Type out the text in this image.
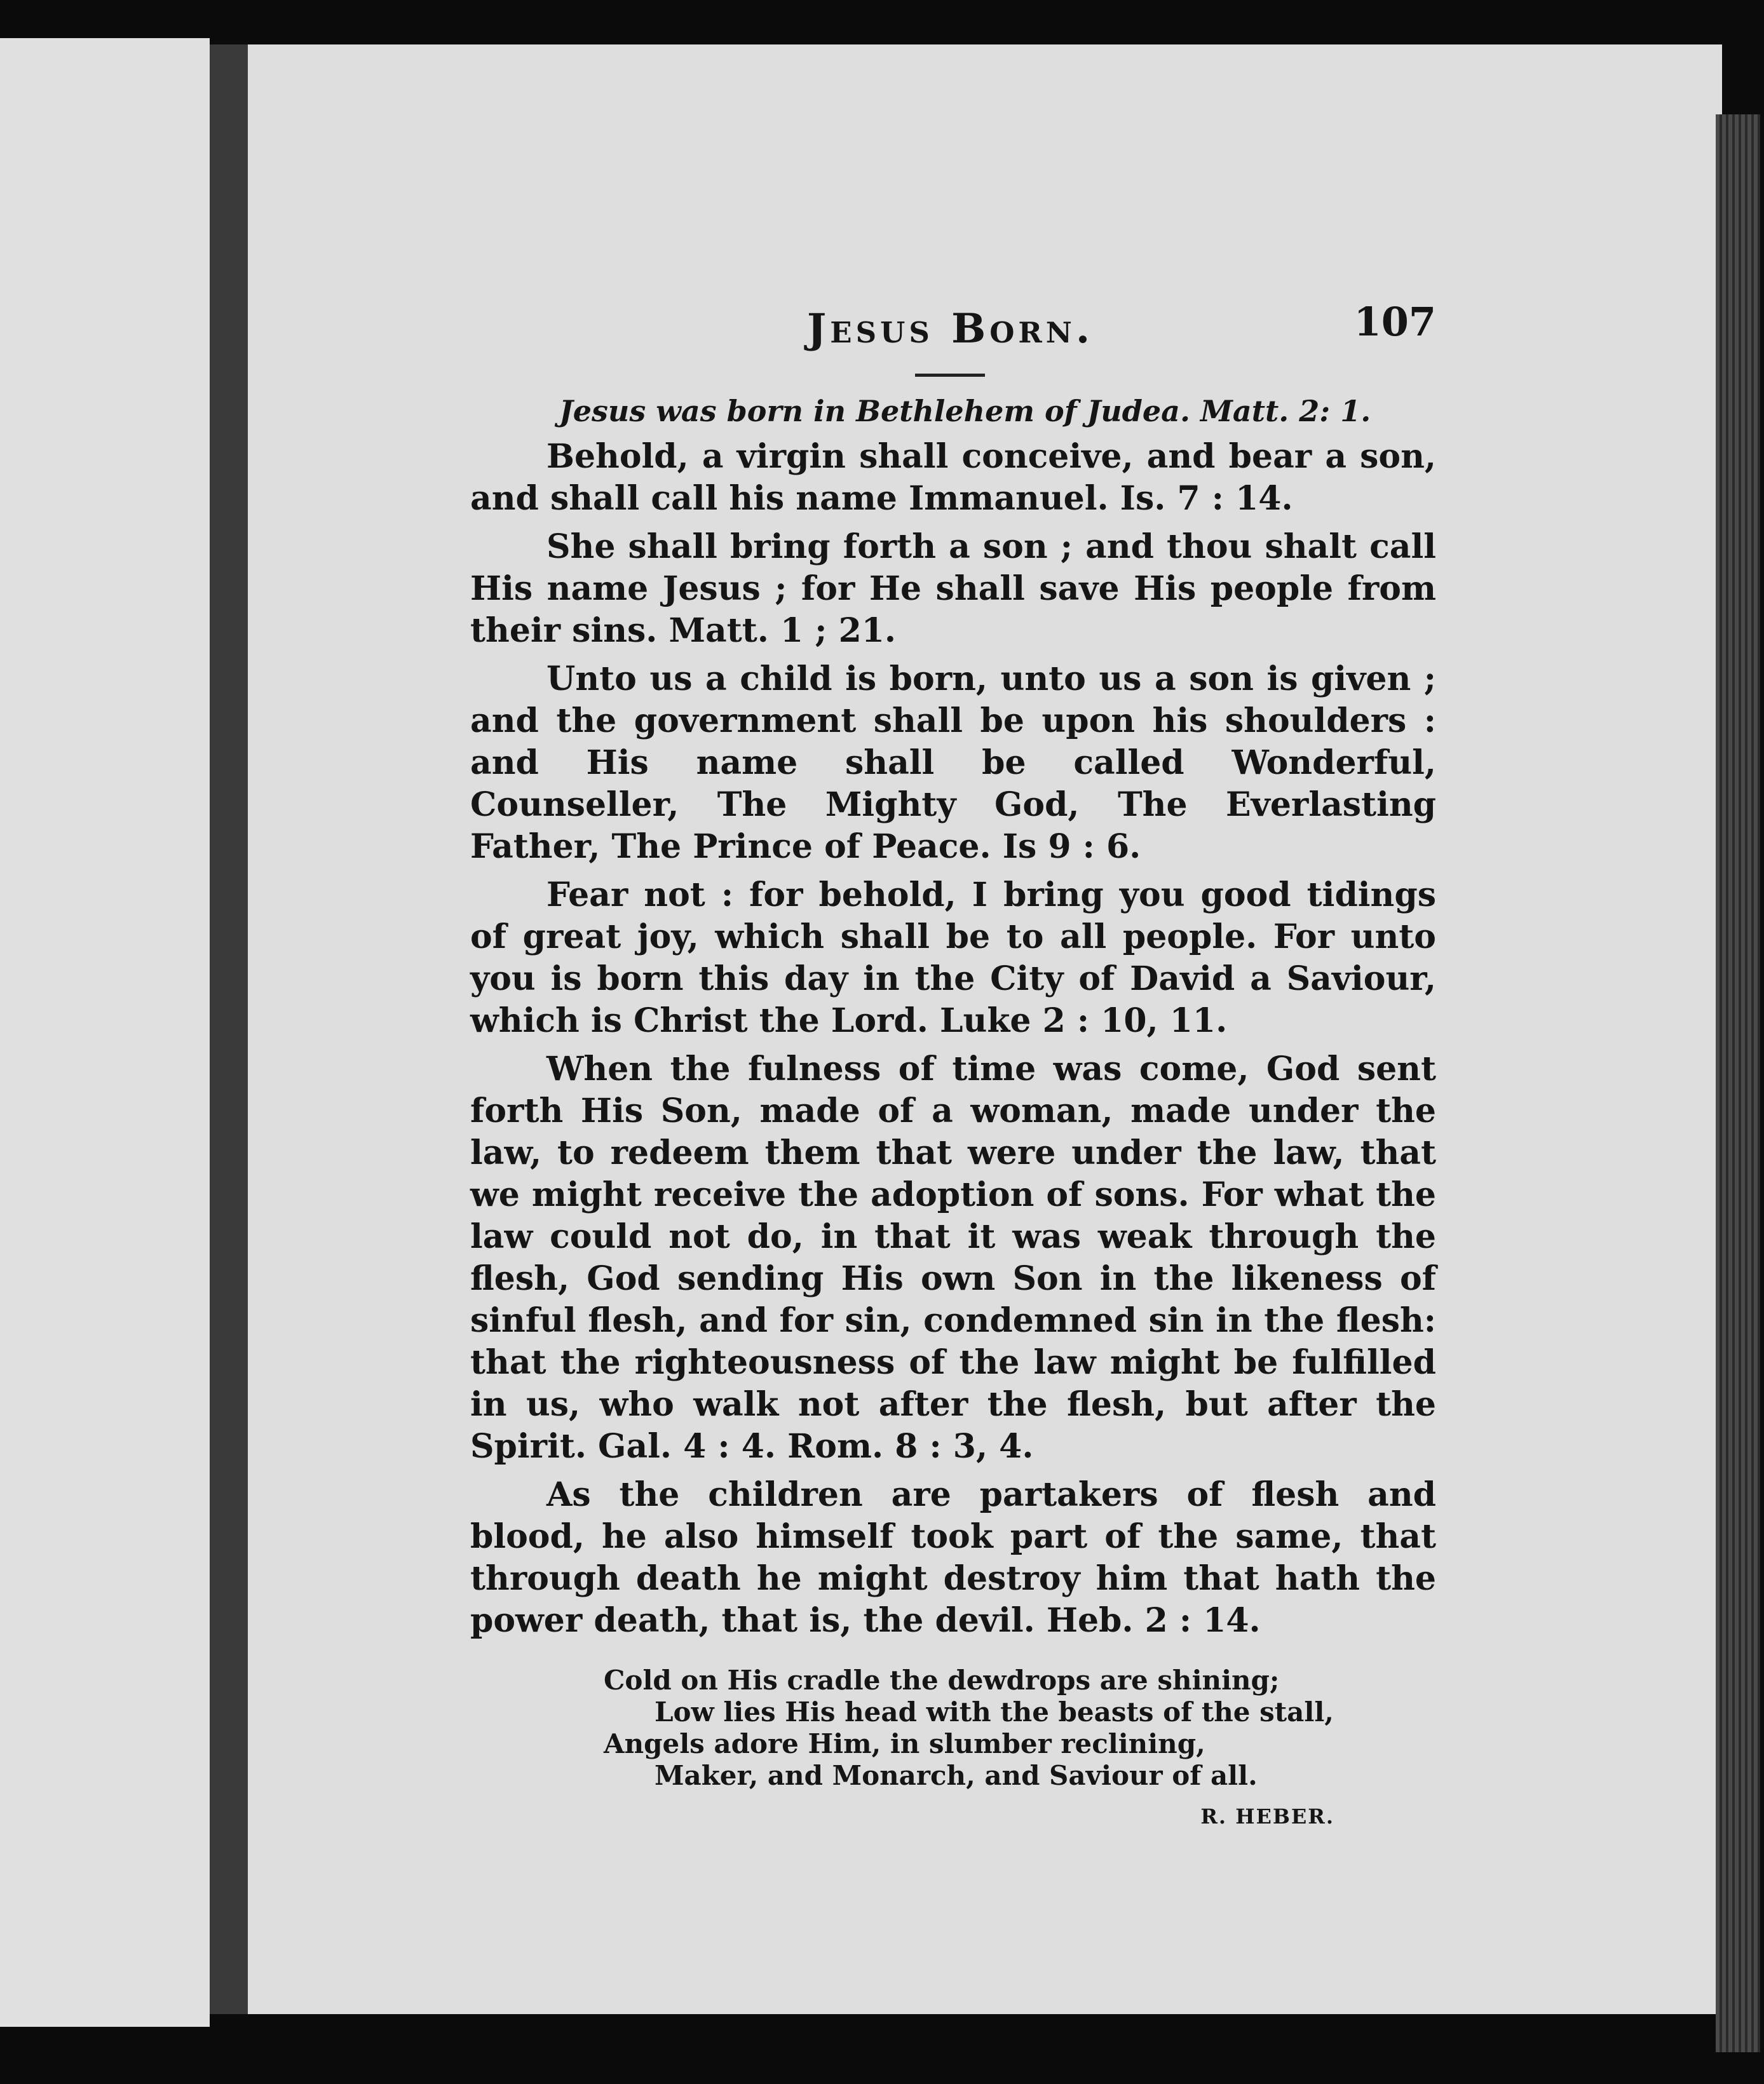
Jesus Born.	107
Jesus was born in Bethlehem of Judea. Matt. 2: 1.

Behold, a virgin shall conceive, and bear a son, and shall call his name Immanuel. Is. 7 : 14.

She shall bring forth a son ; and thou shalt call His name Jesus ; for He shall save His people from their sins. Matt. 1 ; 21.

Unto us a child is born, unto us a son is given ; and the government shall be upon his shoulders : and His name shall be called Wonderful, Counseller, The Mighty God, The Everlasting Father, The Prince of Peace. Is 9 : 6.

Fear not : for behold, I bring you good tidings of great joy, which shall be to all people. For unto you is born this day in the City of David a Saviour, which is Christ the Lord. Luke 2 : 10, 11.

When the fulness of time was come, God sent forth His Son, made of a woman, made under the law, to redeem them that were under the law, that we might receive the adoption of sons. For what the law could not do, in that it was weak through the flesh, God sending His own Son in the likeness of sinful flesh, and for sin, condemned sin in the flesh: that the righteousness of the law might be fulfilled in us, who walk not after the flesh, but after the Spirit. Gal. 4 : 4. Rom. 8 : 3, 4.

As the children are partakers of flesh and blood, he also himself took part of the same, that through death he might destroy him that hath the power death, that is, the devil. Heb. 2 : 14.

Cold on His cradle the dewdrops are shining;
Low lies His head with the beasts of the stall,
Angels adore Him, in slumber reclining,
Maker, and Monarch, and Saviour of all.
R. HEBER.
